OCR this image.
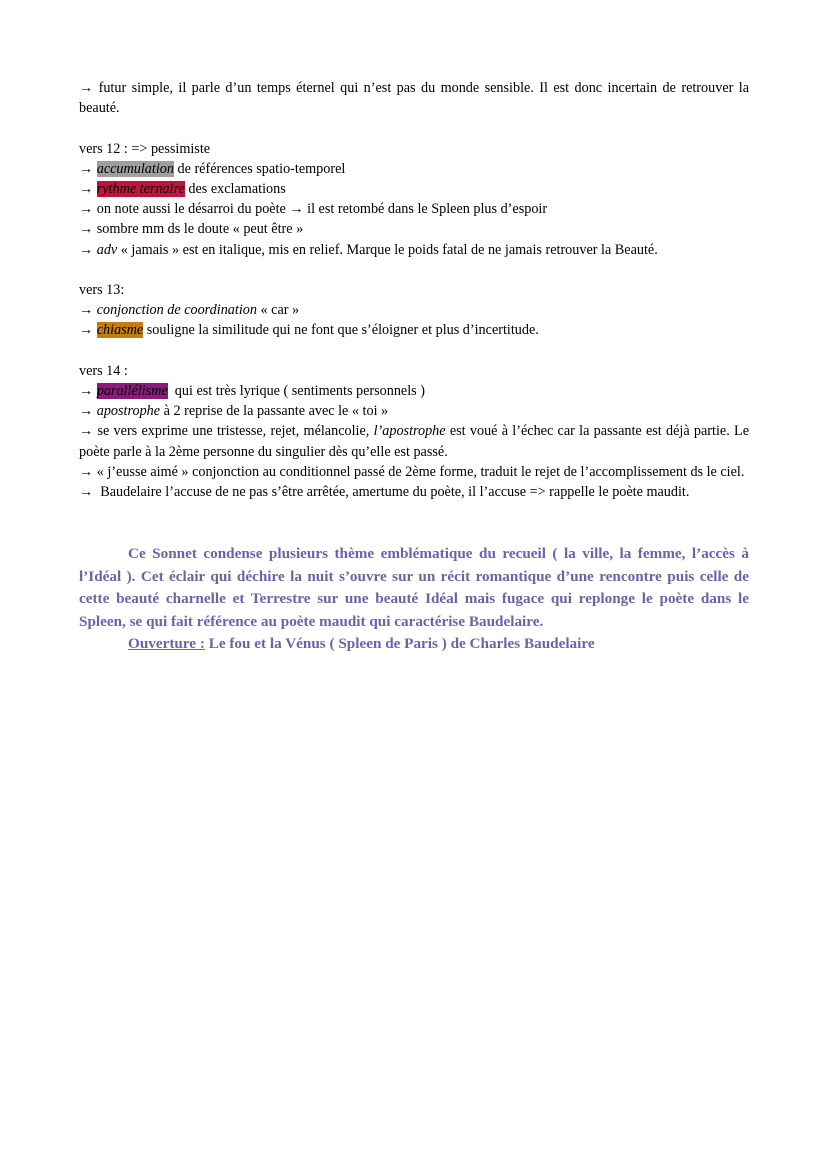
→ futur simple, il parle d’un temps éternel qui n’est pas du monde sensible. Il est donc incertain de retrouver la beauté.
vers 12 : => pessimiste
→ accumulation de références spatio-temporel
→ rythme ternaire des exclamations
→ on note aussi le désarroi du poète → il est retombé dans le Spleen plus d’espoir
→ sombre mm ds le doute « peut être »
→ adv « jamais » est en italique, mis en relief. Marque le poids fatal de ne jamais retrouver la Beauté.
vers 13:
→ conjonction de coordination « car »
→ chiasme souligne la similitude qui ne font que s’éloigner et plus d’incertitude.
vers 14 :
→ parallélisme  qui est très lyrique ( sentiments personnels )
→ apostrophe à 2 reprise de la passante avec le « toi »
→ se vers exprime une tristesse, rejet, mélancolie, l’apostrophe est voué à l’échec car la passante est déjà partie. Le poète parle à la 2ème personne du singulier dès qu’elle est passé.
→ « j’eusse aimé » conjonction au conditionnel passé de 2ème forme, traduit le rejet de l’accomplissement ds le ciel.
→  Baudelaire l’accuse de ne pas s’être arrêtée, amertume du poète, il l’accuse => rappelle le poète maudit.
Ce Sonnet condense plusieurs thème emblématique du recueil ( la ville, la femme, l’accès à l’Idéal ). Cet éclair qui déchire la nuit s’ouvre sur un récit romantique d’une rencontre puis celle de cette beauté charnelle et Terrestre sur une beauté Idéal mais fugace qui replonge le poète dans le Spleen, se qui fait référence au poète maudit qui caractérise Baudelaire.
Ouverture : Le fou et la Vénus ( Spleen de Paris ) de Charles Baudelaire
